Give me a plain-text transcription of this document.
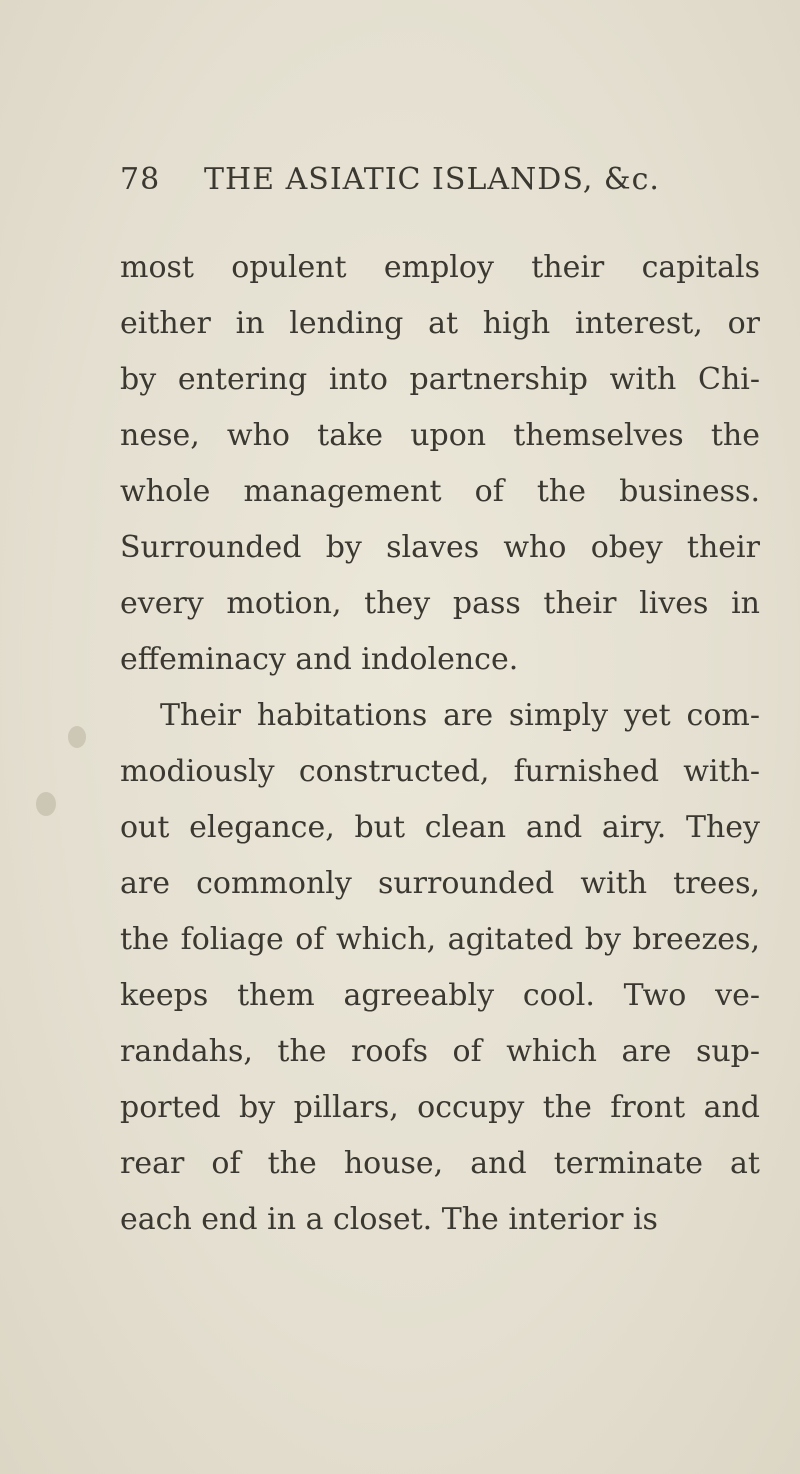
78 THE ASIATIC ISLANDS, &c.
most opulent employ their capitals
either in lending at high interest, or
by entering into partnership with Chi-
nese, who take upon themselves the
whole management of the business.
Surrounded by slaves who obey their
every motion, they pass their lives in
effeminacy and indolence.
Their habitations are simply yet com-
modiously constructed, furnished with-
out elegance, but clean and airy. They
are commonly surrounded with trees,
the foliage of which, agitated by breezes,
keeps them agreeably cool. Two ve-
randahs, the roofs of which are sup-
ported by pillars, occupy the front and
rear of the house, and terminate at
each end in a closet. The interior is
